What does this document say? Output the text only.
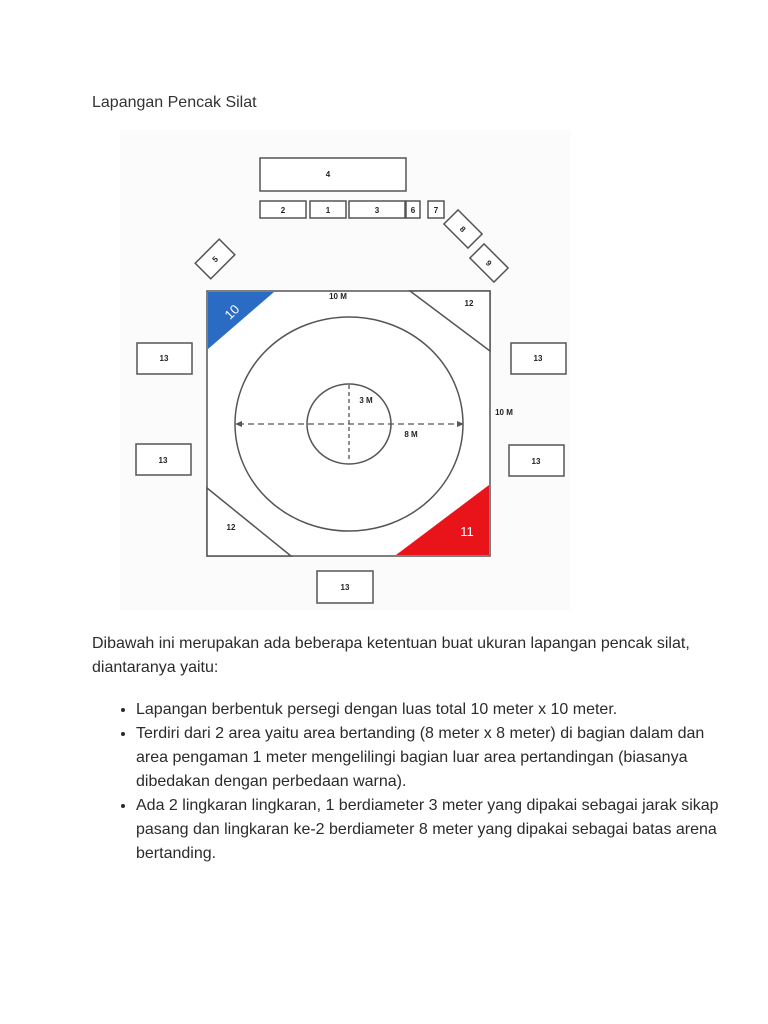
Lapangan Pencak Silat
4
2	1	3	6 7
5
8
9
10	12
12	11
10 M
10 M
3 M
8 M
13
13
13
13
13

Dibawah ini merupakan ada beberapa ketentuan buat ukuran lapangan pencak silat, diantaranya yaitu:

• Lapangan berbentuk persegi dengan luas total 10 meter x 10 meter.
• Terdiri dari 2 area yaitu area bertanding (8 meter x 8 meter) di bagian dalam dan area pengaman 1 meter mengelilingi bagian luar area pertandingan (biasanya dibedakan dengan perbedaan warna).
• Ada 2 lingkaran lingkaran, 1 berdiameter 3 meter yang dipakai sebagai jarak sikap pasang dan lingkaran ke-2 berdiameter 8 meter yang dipakai sebagai batas arena bertanding.
